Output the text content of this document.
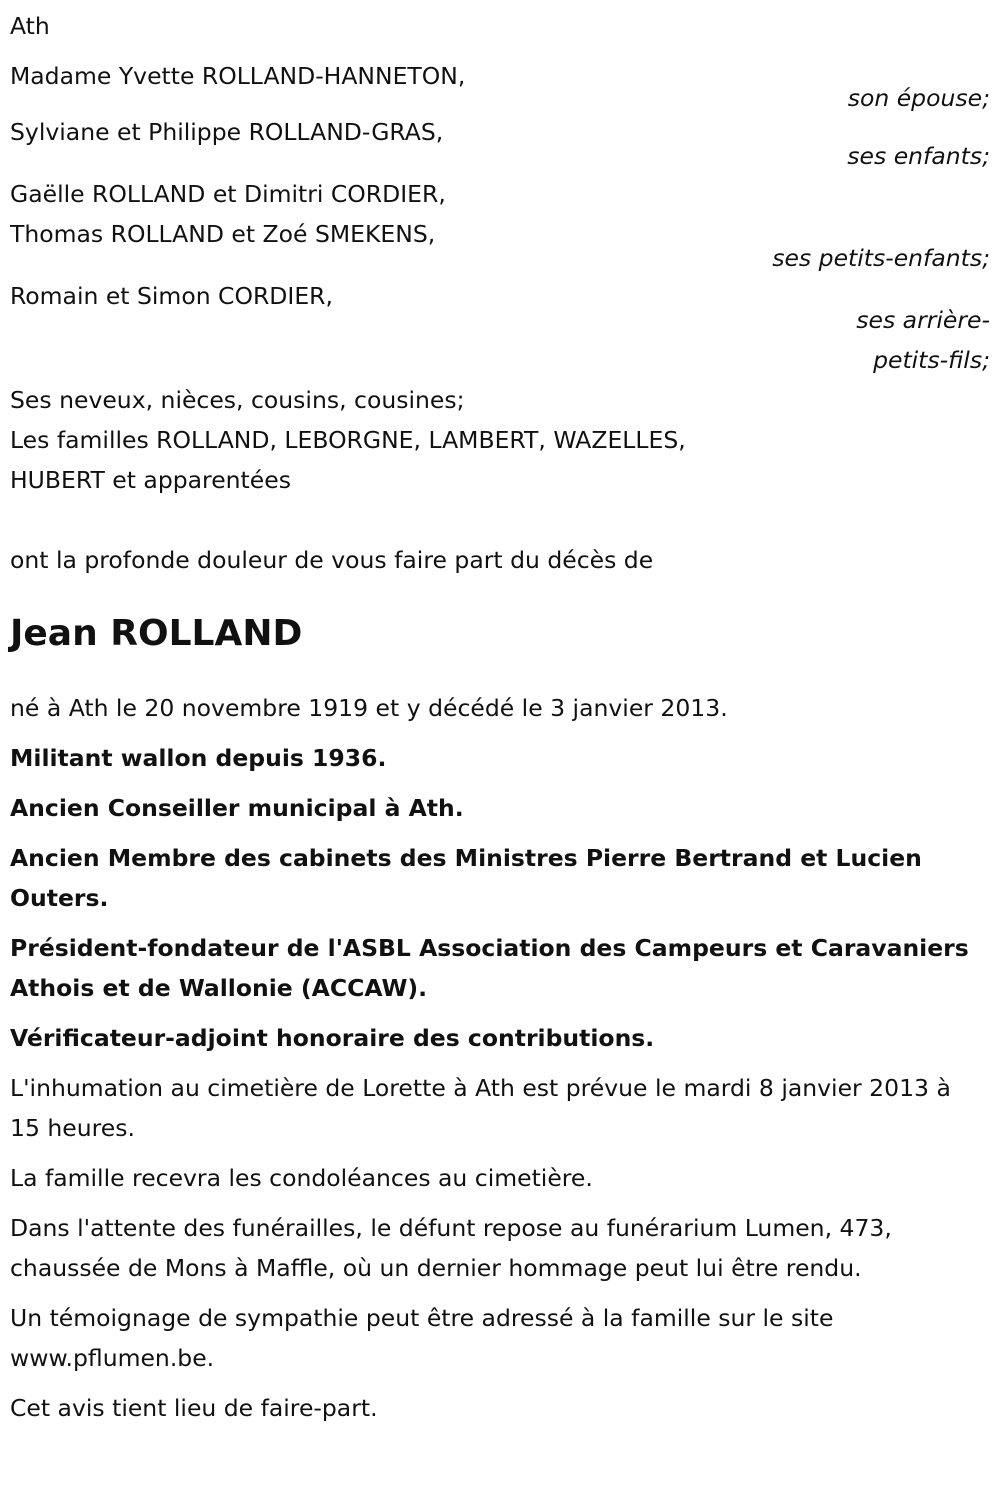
Ath

Madame Yvette ROLLAND-HANNETON,

son épouse;

Sylviane et Philippe ROLLAND-GRAS,

ses enfants;

Gaëlle ROLLAND et Dimitri CORDIER,

Thomas ROLLAND et Zoé SMEKENS,

ses petits-enfants;

Romain et Simon CORDIER,

ses arrière-

petits-fils;

Ses neveux, nièces, cousins, cousines;

Les familles ROLLAND, LEBORGNE, LAMBERT, WAZELLES,

HUBERT et apparentées

ont la profonde douleur de vous faire part du décès de

Jean ROLLAND

né à Ath le 20 novembre 1919 et y décédé le 3 janvier 2013.

Militant wallon depuis 1936.

Ancien Conseiller municipal à Ath.

Ancien Membre des cabinets des Ministres Pierre Bertrand et Lucien Outers.

Président-fondateur de l'ASBL Association des Campeurs et Caravaniers Athois et de Wallonie (ACCAW).

Vérificateur-adjoint honoraire des contributions.

L'inhumation au cimetière de Lorette à Ath est prévue le mardi 8 janvier 2013 à 15 heures.

La famille recevra les condoléances au cimetière.

Dans l'attente des funérailles, le défunt repose au funérarium Lumen, 473, chaussée de Mons à Maffle, où un dernier hommage peut lui être rendu.

Un témoignage de sympathie peut être adressé à la famille sur le site www.pflumen.be.

Cet avis tient lieu de faire-part.
